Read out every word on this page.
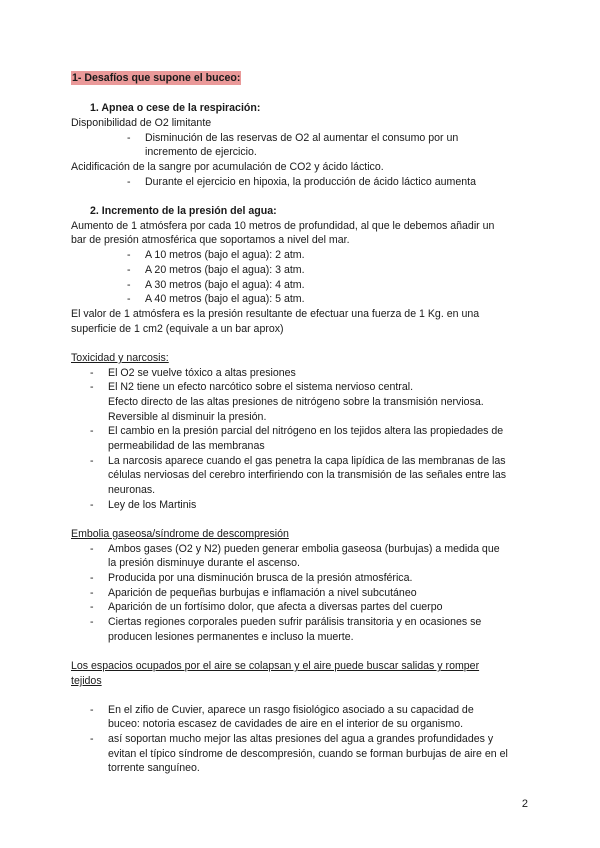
1- Desafíos que supone el buceo:
1. Apnea o cese de la respiración:
Disponibilidad de O2 limitante
- Disminución de las reservas de O2 al aumentar el consumo por un
incremento de ejercicio.
Acidificación de la sangre por acumulación de CO2 y ácido láctico.
- Durante el ejercicio en hipoxia, la producción de ácido láctico aumenta
2. Incremento de la presión del agua:
Aumento de 1 atmósfera por cada 10 metros de profundidad, al que le debemos añadir un
bar de presión atmosférica que soportamos a nivel del mar.
- A 10 metros (bajo el agua): 2 atm.
- A 20 metros (bajo el agua): 3 atm.
- A 30 metros (bajo el agua): 4 atm.
- A 40 metros (bajo el agua): 5 atm.
El valor de 1 atmósfera es la presión resultante de efectuar una fuerza de 1 Kg. en una
superficie de 1 cm2 (equivale a un bar aprox)
Toxicidad y narcosis:
- El O2 se vuelve tóxico a altas presiones
- El N2 tiene un efecto narcótico sobre el sistema nervioso central.
Efecto directo de las altas presiones de nitrógeno sobre la transmisión nerviosa.
Reversible al disminuir la presión.
- El cambio en la presión parcial del nitrógeno en los tejidos altera las propiedades de
permeabilidad de las membranas
- La narcosis aparece cuando el gas penetra la capa lipídica de las membranas de las
células nerviosas del cerebro interfiriendo con la transmisión de las señales entre las
neuronas.
- Ley de los Martinis
Embolia gaseosa/síndrome de descompresión
- Ambos gases (O2 y N2) pueden generar embolia gaseosa (burbujas) a medida que
la presión disminuye durante el ascenso.
- Producida por una disminución brusca de la presión atmosférica.
- Aparición de pequeñas burbujas e inflamación a nivel subcutáneo
- Aparición de un fortísimo dolor, que afecta a diversas partes del cuerpo
- Ciertas regiones corporales pueden sufrir parálisis transitoria y en ocasiones se
producen lesiones permanentes e incluso la muerte.
Los espacios ocupados por el aire se colapsan y el aire puede buscar salidas y romper
tejidos
- En el zifio de Cuvier, aparece un rasgo fisiológico asociado a su capacidad de
buceo: notoria escasez de cavidades de aire en el interior de su organismo.
- así soportan mucho mejor las altas presiones del agua a grandes profundidades y
evitan el típico síndrome de descompresión, cuando se forman burbujas de aire en el
torrente sanguíneo.
2
